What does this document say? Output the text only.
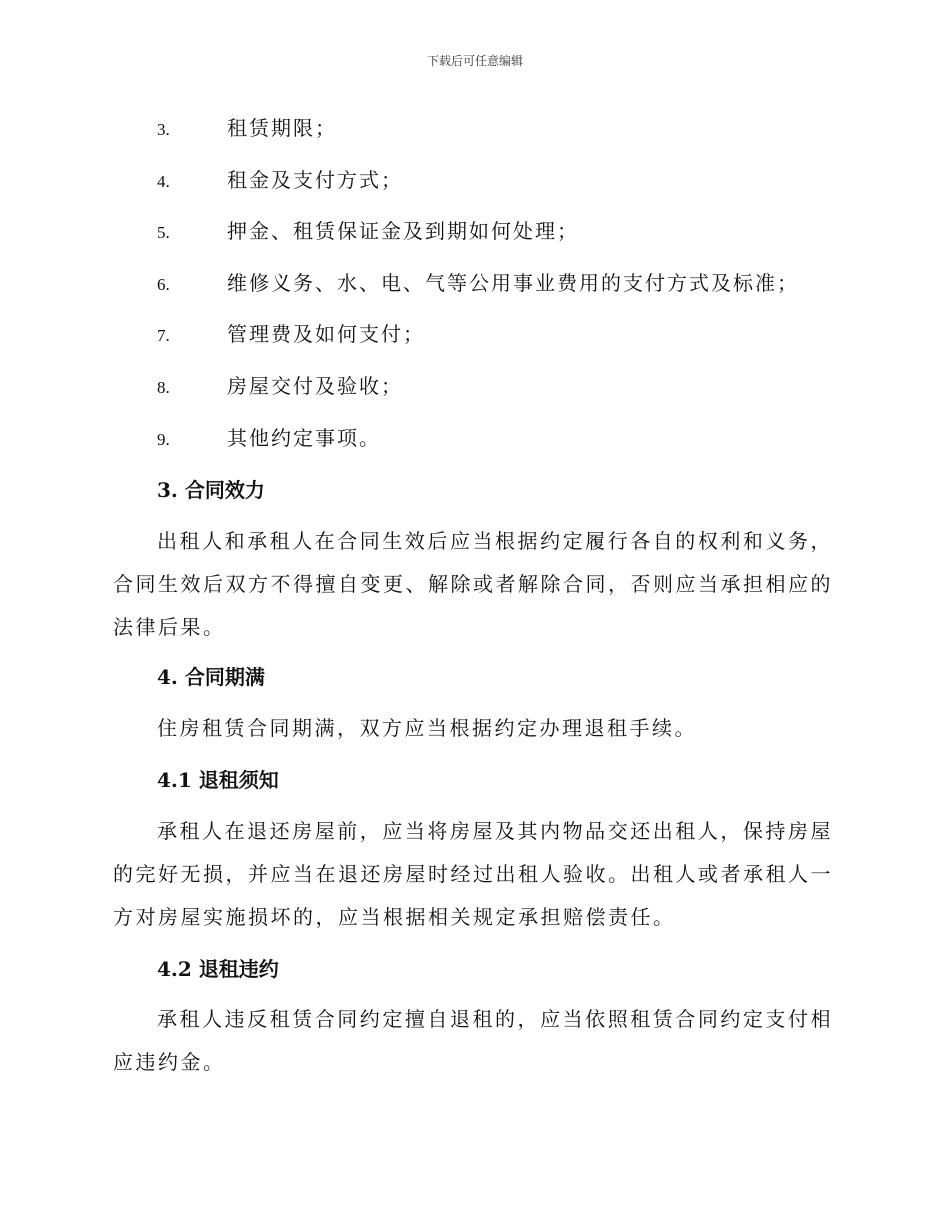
下载后可任意编辑
3.	租赁期限；
4.	租金及支付方式；
5.	押金、租赁保证金及到期如何处理；
6.	维修义务、水、电、气等公用事业费用的支付方式及标准；
7.	管理费及如何支付；
8.	房屋交付及验收；
9.	其他约定事项。
3. 合同效力

出租人和承租人在合同生效后应当根据约定履行各自的权利和义务，合同生效后双方不得擅自变更、解除或者解除合同，否则应当承担相应的法律后果。

4. 合同期满

住房租赁合同期满，双方应当根据约定办理退租手续。

4.1 退租须知

承租人在退还房屋前，应当将房屋及其内物品交还出租人，保持房屋的完好无损，并应当在退还房屋时经过出租人验收。出租人或者承租人一方对房屋实施损坏的，应当根据相关规定承担赔偿责任。

4.2 退租违约

承租人违反租赁合同约定擅自退租的，应当依照租赁合同约定支付相应违约金。
